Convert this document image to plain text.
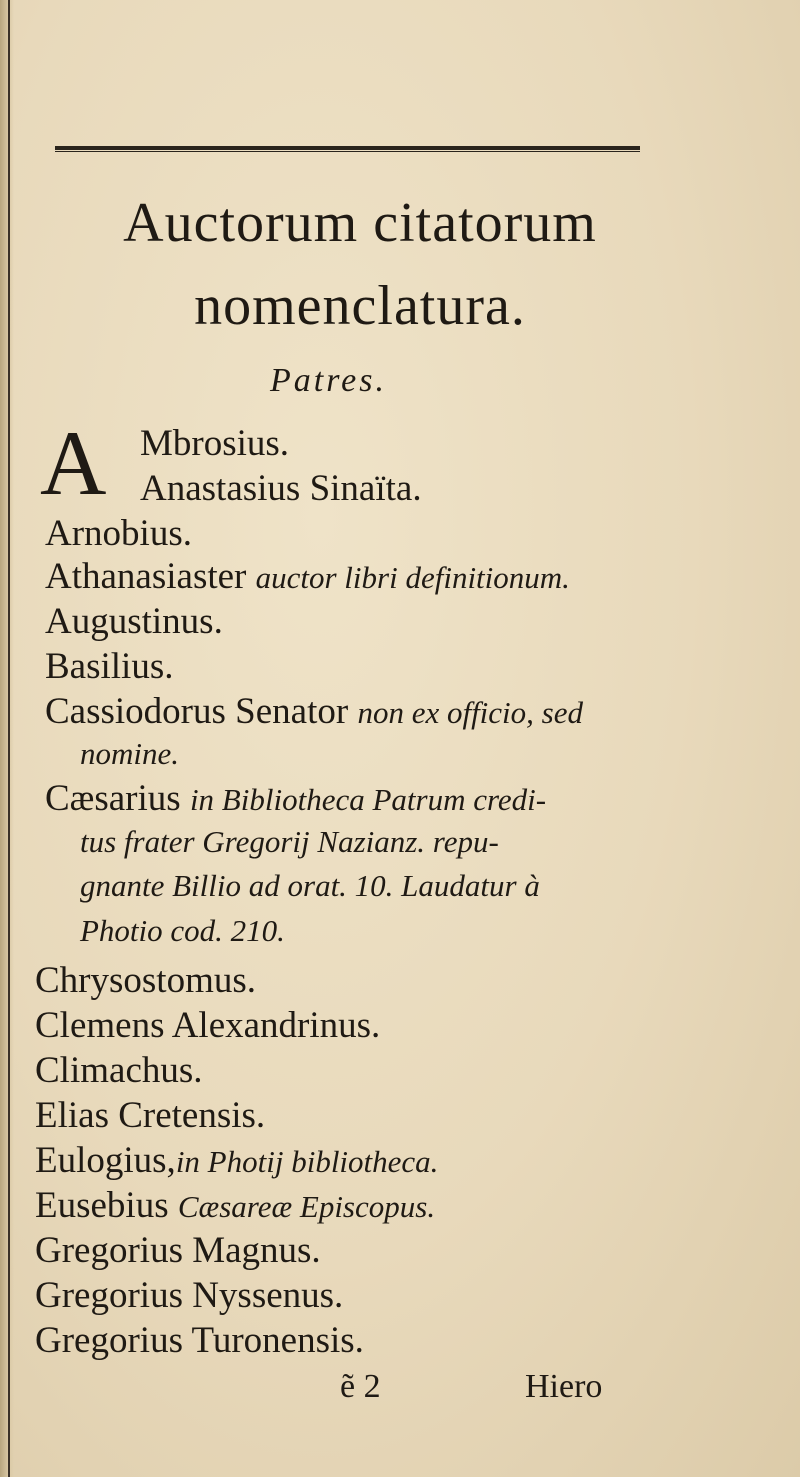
Auctorum citatorum
nomenclatura.
Patres.
A Mbrosius.
Anastasius Sinaïta.
Arnobius.
Athanasiaster auctor libri definitionum.
Augustinus.
Basilius.
Cassiodorus Senator non ex officio, sed
nomine.
Cæsarius in Bibliotheca Patrum credi-
tus frater Gregorij Nazianz. repu-
gnante Billio ad orat. 10. Laudatur à
Photio cod. 210.
Chrysostomus.
Clemens Alexandrinus.
Climachus.
Elias Cretensis.
Eulogius,in Photij bibliotheca.
Eusebius Cæsareæ Episcopus.
Gregorius Magnus.
Gregorius Nyssenus.
Gregorius Turonensis.
ẽ 2	Hiero
